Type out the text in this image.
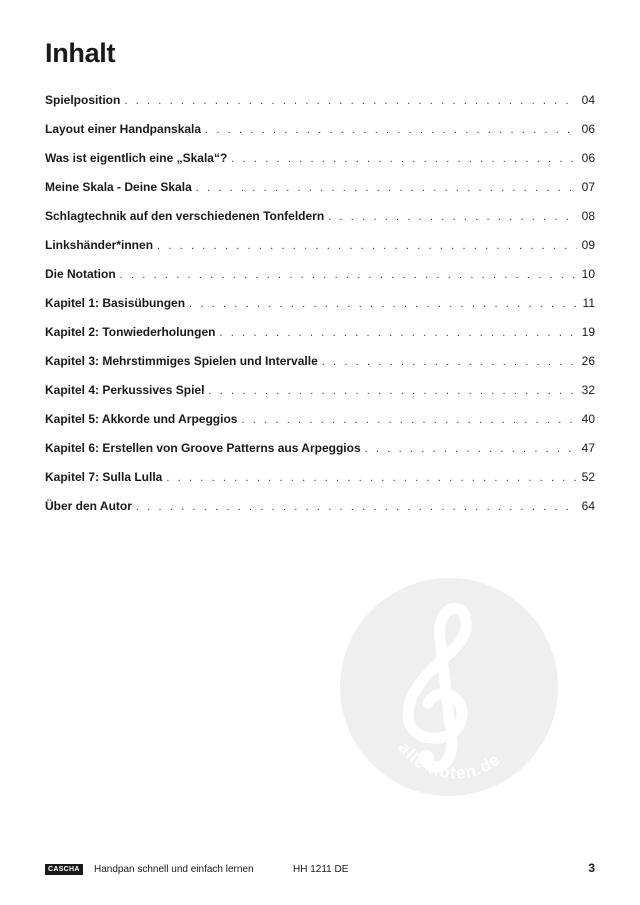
Inhalt
Spielposition . . .	04
Layout einer Handpanskala . . .	06
Was ist eigentlich eine „Skala“? . . .	06
Meine Skala - Deine Skala . . .	07
Schlagtechnik auf den verschiedenen Tonfeldern . . .	08
Linkshänder*innen . . .	09
Die Notation . . .	10
Kapitel 1: Basisübungen . . .	11
Kapitel 2: Tonwiederholungen . . .	19
Kapitel 3: Mehrstimmiges Spielen und Intervalle . . .	26
Kapitel 4: Perkussives Spiel . . .	32
Kapitel 5: Akkorde und Arpeggios . . .	40
Kapitel 6: Erstellen von Groove Patterns aus Arpeggios . . .	47
Kapitel 7: Sulla Lulla . . .	52
Über den Autor . . .	64
alle-noten.de
CASCHA	Handpan schnell und einfach lernen	HH 1211 DE	3
